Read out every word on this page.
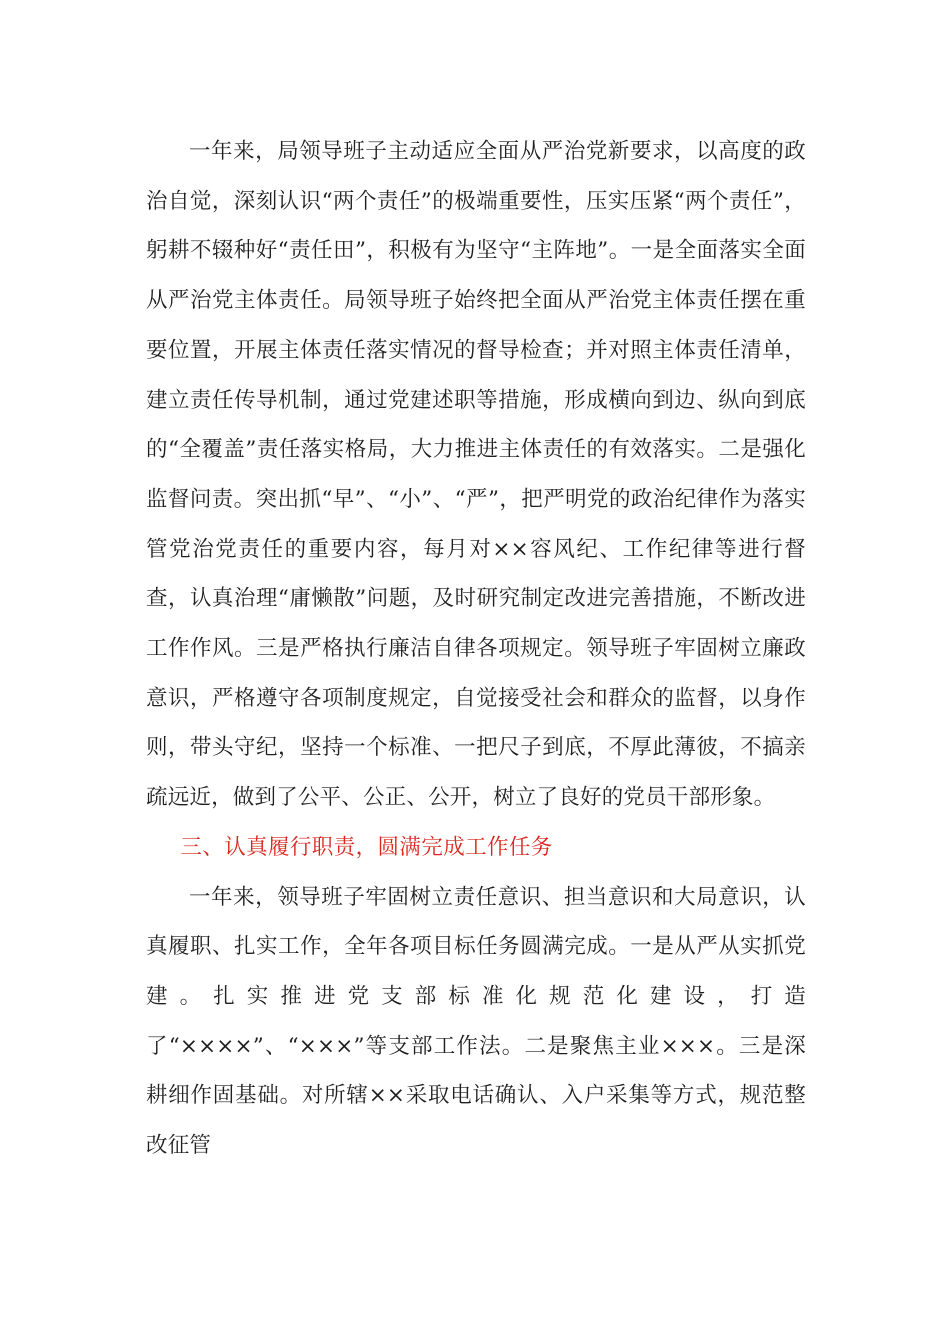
一年来，局领导班子主动适应全面从严治党新要求，以高度的政治自觉，深刻认识“两个责任”的极端重要性，压实压紧“两个责任”，躬耕不辍种好“责任田”，积极有为坚守“主阵地”。一是全面落实全面从严治党主体责任。局领导班子始终把全面从严治党主体责任摆在重要位置，开展主体责任落实情况的督导检查；并对照主体责任清单，建立责任传导机制，通过党建述职等措施，形成横向到边、纵向到底的“全覆盖”责任落实格局，大力推进主体责任的有效落实。二是强化监督问责。突出抓“早”、“小”、“严”，把严明党的政治纪律作为落实管党治党责任的重要内容，每月对××容风纪、工作纪律等进行督查，认真治理“庸懒散”问题，及时研究制定改进完善措施，不断改进工作作风。三是严格执行廉洁自律各项规定。领导班子牢固树立廉政意识，严格遵守各项制度规定，自觉接受社会和群众的监督，以身作则，带头守纪，坚持一个标准、一把尺子到底，不厚此薄彼，不搞亲疏远近，做到了公平、公正、公开，树立了良好的党员干部形象。

三、认真履行职责，圆满完成工作任务

一年来，领导班子牢固树立责任意识、担当意识和大局意识，认真履职、扎实工作，全年各项目标任务圆满完成。一是从严从实抓党建。扎实推进党支部标准化规范化建设，打造了“××××”、“×××”等支部工作法。二是聚焦主业×××。三是深耕细作固基础。对所辖××采取电话确认、入户采集等方式，规范整改征管
